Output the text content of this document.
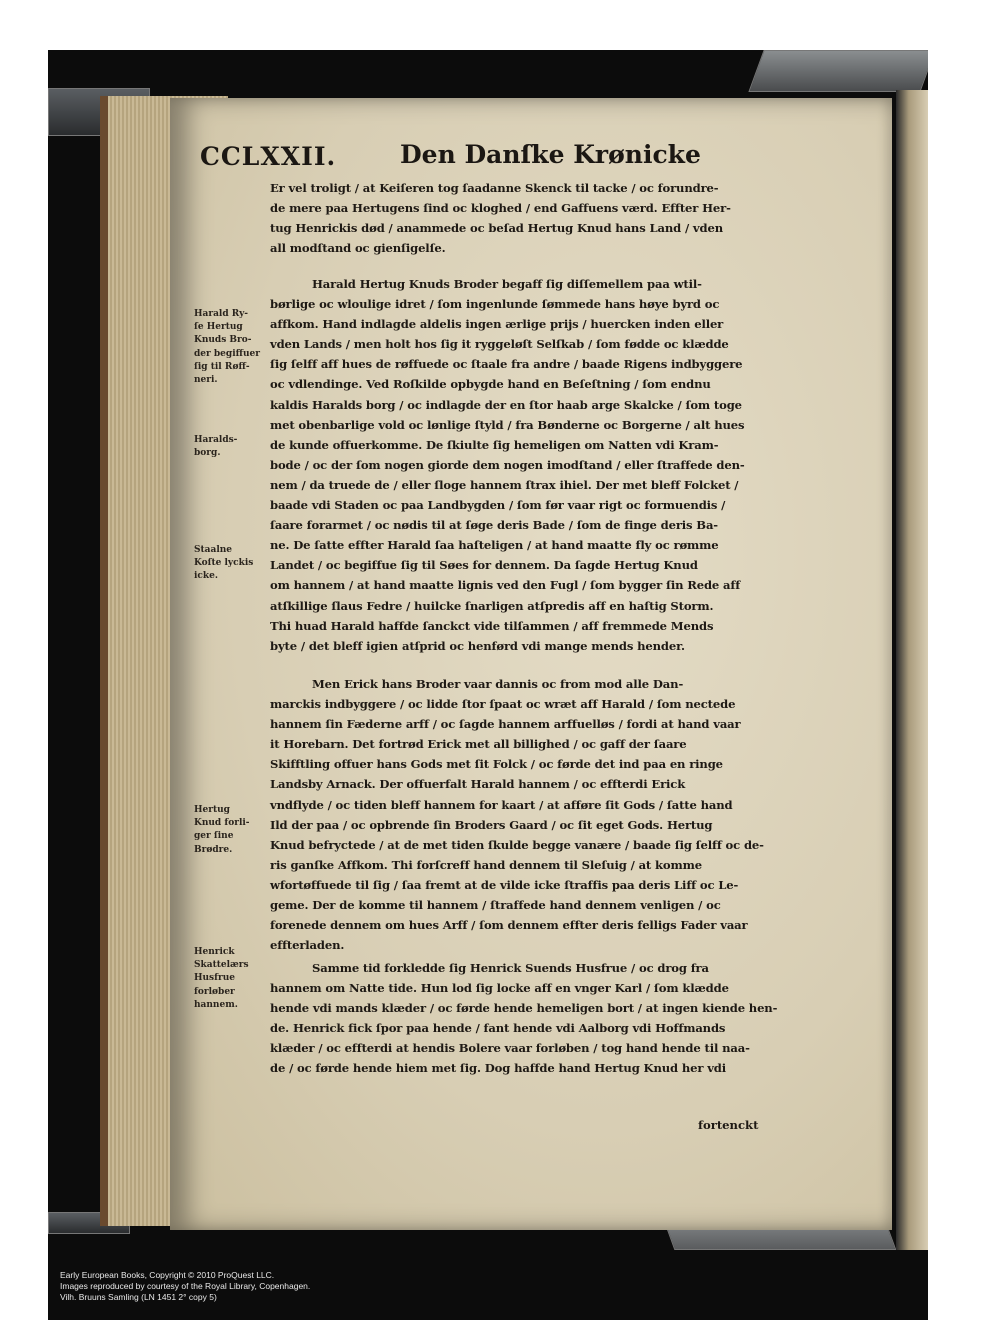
CCLXXII.	Den Danſke Krønicke
Er vel troligt / at Keiſeren tog ſaadanne Skenck til tacke / oc forundre-
de mere paa Hertugens ſind oc kloghed / end Gaffuens værd. Effter Her-
tug Henrickis død / anammede oc beſad Hertug Knud hans Land / vden
all modſtand oc gienſigelſe.
Harald Hertug Knuds Broder begaff ſig diſſemellem paa wtil-
børlige oc wloulige idret / ſom ingenlunde ſømmede hans høye byrd oc
affkom. Hand indlagde aldelis ingen ærlige prijs / huercken inden eller
vden Lands / men holt hos ſig it ryggeløſt Selſkab / ſom fødde oc klædde
ſig ſelff aff hues de røffuede oc ſtaale fra andre / baade Rigens indbyggere
oc vdlendinge. Ved Roſkilde opbygde hand en Beſeſtning / ſom endnu
kaldis Haralds borg / oc indlagde der en ſtor haab arge Skalcke / ſom toge
met obenbarlige vold oc lønlige ſtyld / fra Bønderne oc Borgerne / alt hues
de kunde offuerkomme. De ſkiulte ſig hemeligen om Natten vdi Kram-
bode / oc der ſom nogen giorde dem nogen imodſtand / eller ſtraffede den-
nem / da truede de / eller ſloge hannem ſtrax ihiel. Der met bleff Folcket /
baade vdi Staden oc paa Landbygden / ſom før vaar rigt oc formuendis /
ſaare forarmet / oc nødis til at ſøge deris Bade / ſom de finge deris Ba-
ne. De ſatte effter Harald ſaa haſteligen / at hand maatte fly oc rømme
Landet / oc begiffue ſig til Søes for dennem. Da ſagde Hertug Knud
om hannem / at hand maatte lignis ved den Fugl / ſom bygger ſin Rede aff
atſkillige ſlaus Fedre / huilcke ſnarligen atſpredis aff en haſtig Storm.
Thi huad Harald haffde ſanckct vide tilſammen / aff fremmede Mends
byte / det bleff igien atſprid oc henførd vdi mange mends hender.
Men Erick hans Broder vaar dannis oc from mod alle Dan-
marckis indbyggere / oc lidde ſtor ſpaat oc wræt aff Harald / ſom nectede
hannem ſin Fæderne arff / oc ſagde hannem arffuelløs / fordi at hand vaar
it Horebarn. Det fortrød Erick met all billighed / oc gaff der ſaare
Skifftling offuer hans Gods met ſit Folck / oc førde det ind paa en ringe
Landsby Arnack. Der offuerfalt Harald hannem / oc effterdi Erick
vndflyde / oc tiden bleff hannem for kaart / at afføre ſit Gods / ſatte hand
Ild der paa / oc opbrende ſin Broders Gaard / oc ſit eget Gods. Hertug
Knud befryctede / at de met tiden ſkulde begge vanære / baade ſig ſelff oc de-
ris ganſke Affkom. Thi forſcreff hand dennem til Sleſuig / at komme
wfortøffuede til ſig / ſaa fremt at de vilde icke ſtraffis paa deris Liff oc Le-
geme. Der de komme til hannem / ſtraffede hand dennem venligen / oc
forenede dennem om hues Arff / ſom dennem effter deris felligs Fader vaar
effterladen.
Samme tid forkledde ſig Henrick Suends Husfrue / oc drog fra
hannem om Natte tide. Hun lod ſig locke aff en vnger Karl / ſom klædde
hende vdi mands klæder / oc førde hende hemeligen bort / at ingen kiende hen-
de. Henrick fick ſpor paa hende / fant hende vdi Aalborg vdi Hoffmands
klæder / oc effterdi at hendis Bolere vaar forløben / tog hand hende til naa-
de / oc førde hende hiem met ſig. Dog haffde hand Hertug Knud her vdi
fortenckt
Harald Ry-
ſe Hertug
Knuds Bro-
der begiffuer
ſig til Røff-
neri.
Haralds-
borg.
Staalne
Koſte lyckis
icke.
Hertug
Knud forli-
ger ſine
Brødre.
Henrick
Skattelærs
Husfrue
forløber
hannem.
Early European Books, Copyright © 2010 ProQuest LLC.
Images reproduced by courtesy of the Royal Library, Copenhagen.
Vilh. Bruuns Samling (LN 1451 2° copy 5)
